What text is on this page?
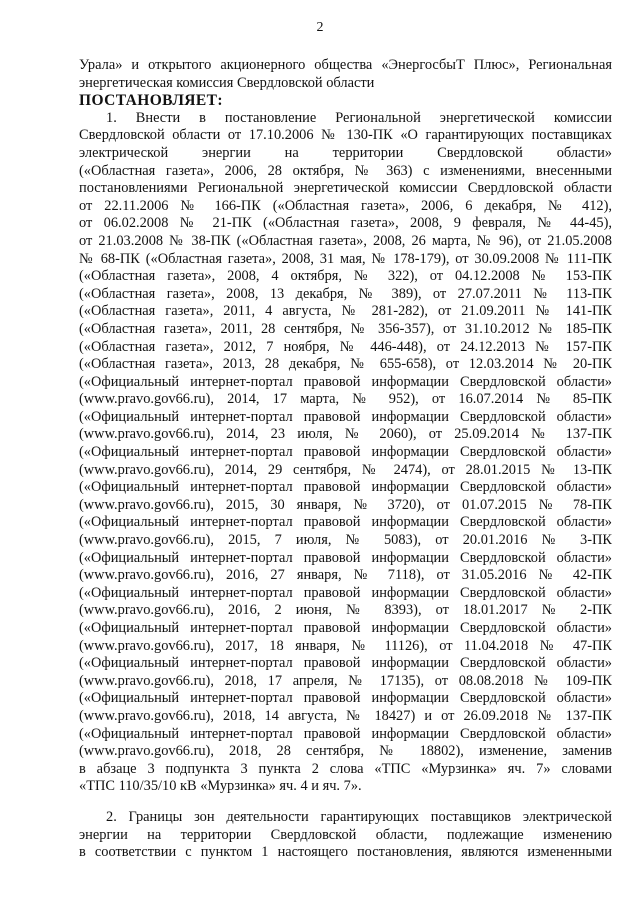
2

Урала» и открытого акционерного общества «ЭнергосбыТ Плюс», Региональная

энергетическая комиссия Свердловской области

ПОСТАНОВЛЯЕТ:

1. Внести в постановление Региональной энергетической комиссии

Свердловской области от 17.10.2006 № 130-ПК «О гарантирующих поставщиках

электрической энергии на территории Свердловской области»

(«Областная газета», 2006, 28 октября, № 363) с изменениями, внесенными

постановлениями Региональной энергетической комиссии Свердловской области

от 22.11.2006 № 166-ПК («Областная газета», 2006, 6 декабря, № 412),

от 06.02.2008 № 21-ПК («Областная газета», 2008, 9 февраля, № 44-45),

от 21.03.2008 № 38-ПК («Областная газета», 2008, 26 марта, № 96), от 21.05.2008

№ 68-ПК («Областная газета», 2008, 31 мая, № 178-179), от 30.09.2008 № 111-ПК

(«Областная газета», 2008, 4 октября, № 322), от 04.12.2008 № 153-ПК

(«Областная газета», 2008, 13 декабря, № 389), от 27.07.2011 № 113-ПК

(«Областная газета», 2011, 4 августа, № 281-282), от 21.09.2011 № 141-ПК

(«Областная газета», 2011, 28 сентября, № 356-357), от 31.10.2012 № 185-ПК

(«Областная газета», 2012, 7 ноября, № 446-448), от 24.12.2013 № 157-ПК

(«Областная газета», 2013, 28 декабря, № 655-658), от 12.03.2014 № 20-ПК

(«Официальный интернет-портал правовой информации Свердловской области»

(www.pravo.gov66.ru), 2014, 17 марта, № 952), от 16.07.2014 № 85-ПК

(«Официальный интернет-портал правовой информации Свердловской области»

(www.pravo.gov66.ru), 2014, 23 июля, № 2060), от 25.09.2014 № 137-ПК

(«Официальный интернет-портал правовой информации Свердловской области»

(www.pravo.gov66.ru), 2014, 29 сентября, № 2474), от 28.01.2015 № 13-ПК

(«Официальный интернет-портал правовой информации Свердловской области»

(www.pravo.gov66.ru), 2015, 30 января, № 3720), от 01.07.2015 № 78-ПК

(«Официальный интернет-портал правовой информации Свердловской области»

(www.pravo.gov66.ru), 2015, 7 июля, № 5083), от 20.01.2016 № 3-ПК

(«Официальный интернет-портал правовой информации Свердловской области»

(www.pravo.gov66.ru), 2016, 27 января, № 7118), от 31.05.2016 № 42-ПК

(«Официальный интернет-портал правовой информации Свердловской области»

(www.pravo.gov66.ru), 2016, 2 июня, № 8393), от 18.01.2017 № 2-ПК

(«Официальный интернет-портал правовой информации Свердловской области»

(www.pravo.gov66.ru), 2017, 18 января, № 11126), от 11.04.2018 № 47-ПК

(«Официальный интернет-портал правовой информации Свердловской области»

(www.pravo.gov66.ru), 2018, 17 апреля, № 17135), от 08.08.2018 № 109-ПК

(«Официальный интернет-портал правовой информации Свердловской области»

(www.pravo.gov66.ru), 2018, 14 августа, № 18427) и от 26.09.2018 № 137-ПК

(«Официальный интернет-портал правовой информации Свердловской области»

(www.pravo.gov66.ru), 2018, 28 сентября, № 18802), изменение, заменив

в абзаце 3 подпункта 3 пункта 2 слова «ТПС «Мурзинка» яч. 7» словами

«ТПС 110/35/10 кВ «Мурзинка» яч. 4 и яч. 7».

2. Границы зон деятельности гарантирующих поставщиков электрической

энергии на территории Свердловской области, подлежащие изменению

в соответствии с пунктом 1 настоящего постановления, являются измененными
